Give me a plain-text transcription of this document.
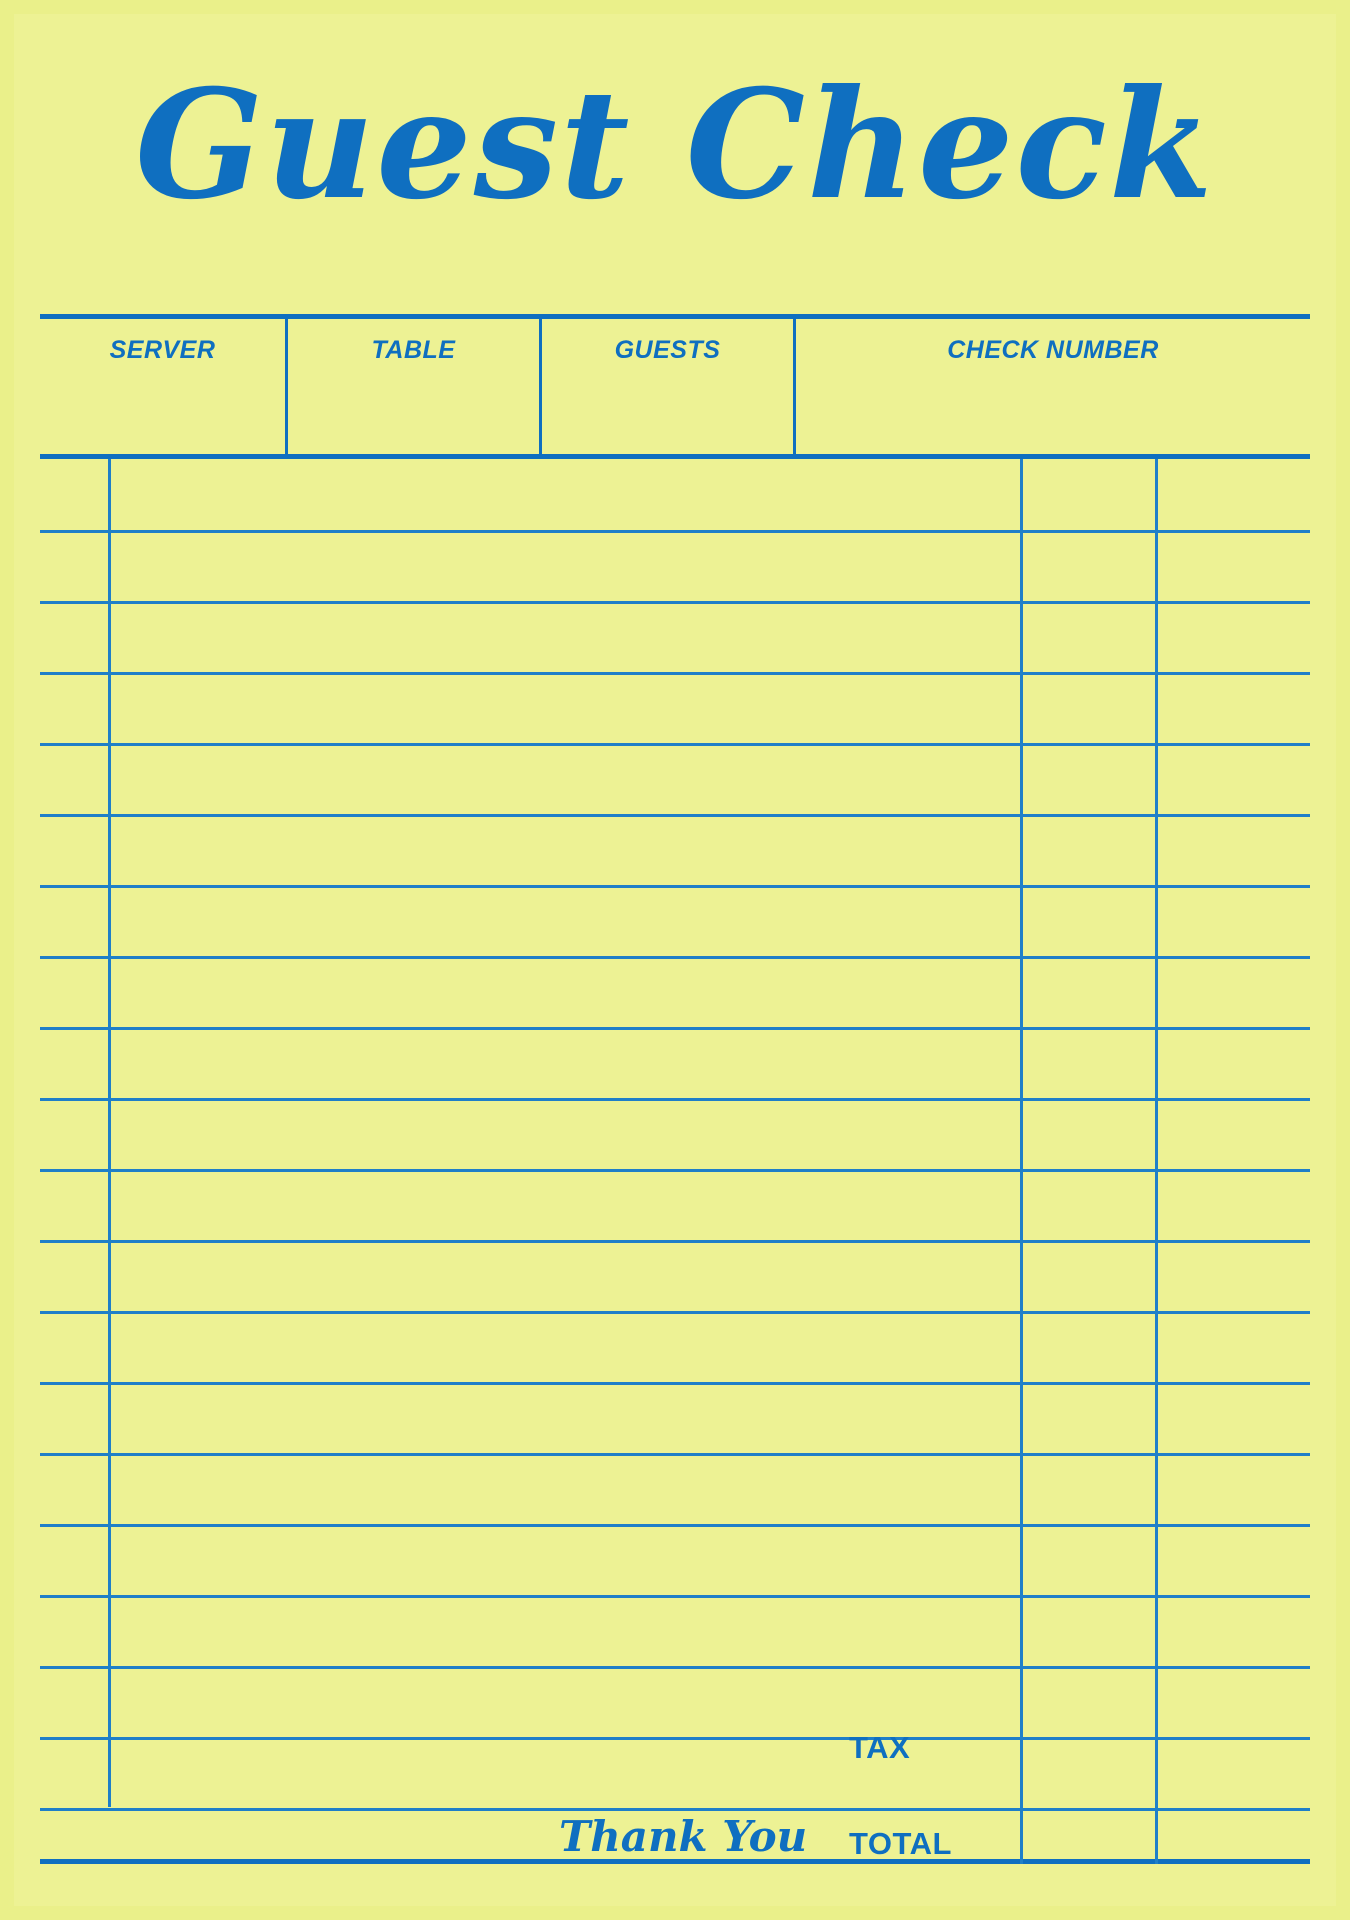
Guest Check
SERVER	TABLE	GUESTS	CHECK NUMBER
Thank You
TAX
TOTAL
